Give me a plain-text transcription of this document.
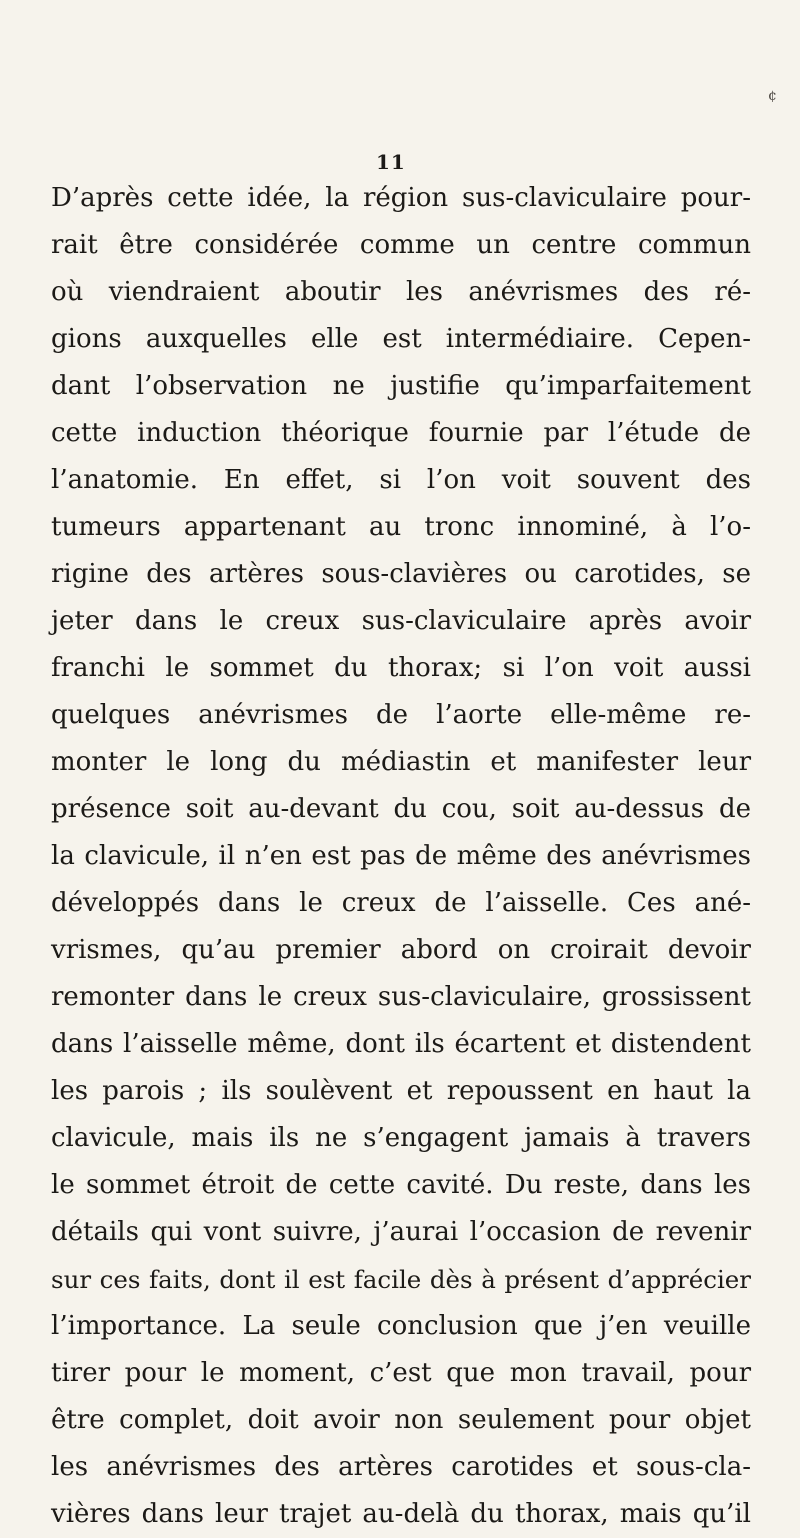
¢
11
D’après cette idée, la région sus-claviculaire pour-
rait être considérée comme un centre commun
où viendraient aboutir les anévrismes des ré-
gions auxquelles elle est intermédiaire. Cepen-
dant l’observation ne justifie qu’imparfaitement
cette induction théorique fournie par l’étude de
l’anatomie. En effet, si l’on voit souvent des
tumeurs appartenant au tronc innominé, à l’o-
rigine des artères sous-clavières ou carotides, se
jeter dans le creux sus-claviculaire après avoir
franchi le sommet du thorax; si l’on voit aussi
quelques anévrismes de l’aorte elle-même re-
monter le long du médiastin et manifester leur
présence soit au-devant du cou, soit au-dessus de
la clavicule, il n’en est pas de même des anévrismes
développés dans le creux de l’aisselle. Ces ané-
vrismes, qu’au premier abord on croirait devoir
remonter dans le creux sus-claviculaire, grossissent
dans l’aisselle même, dont ils écartent et distendent
les parois ; ils soulèvent et repoussent en haut la
clavicule, mais ils ne s’engagent jamais à travers
le sommet étroit de cette cavité. Du reste, dans les
détails qui vont suivre, j’aurai l’occasion de revenir
sur ces faits, dont il est facile dès à présent d’apprécier
l’importance. La seule conclusion que j’en veuille
tirer pour le moment, c’est que mon travail, pour
être complet, doit avoir non seulement pour objet
les anévrismes des artères carotides et sous-cla-
vières dans leur trajet au-delà du thorax, mais qu’il
